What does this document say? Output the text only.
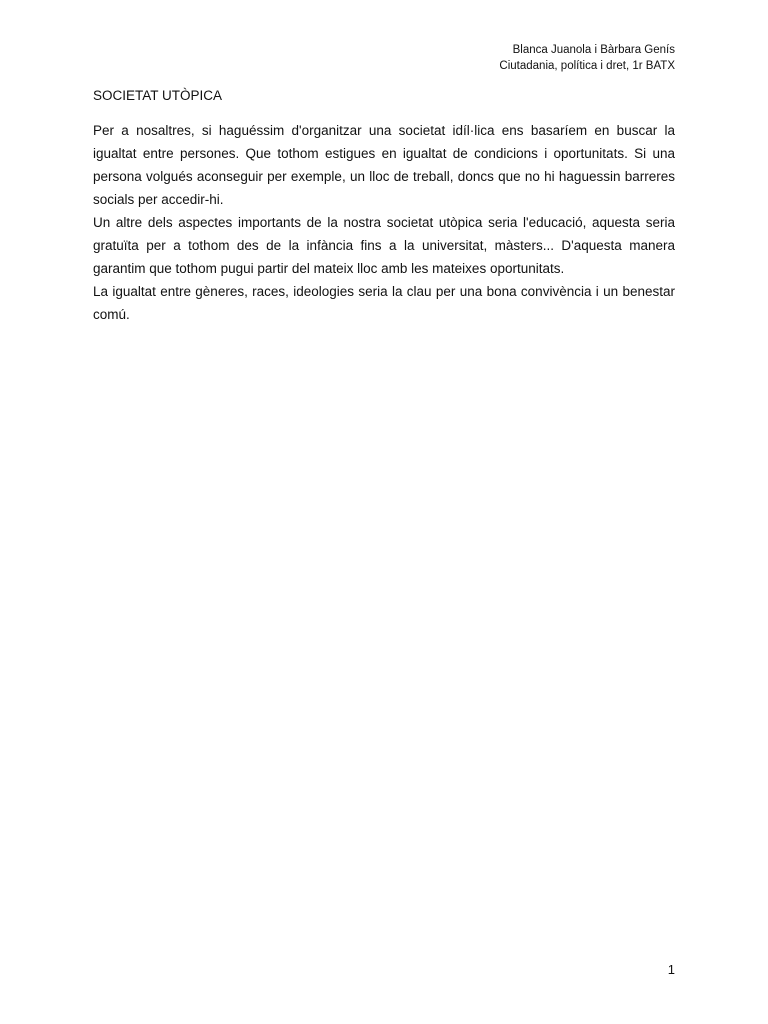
Blanca Juanola i Bàrbara Genís
Ciutadania, política i dret, 1r BATX
SOCIETAT UTÒPICA

Per a nosaltres, si haguéssim d'organitzar una societat idíl·lica ens basaríem en buscar la igualtat entre persones. Que tothom estigues en igualtat de condicions i oportunitats. Si una persona volgués aconseguir per exemple, un lloc de treball, doncs que no hi haguessin barreres socials per accedir-hi.

Un altre dels aspectes importants de la nostra societat utòpica seria l'educació, aquesta seria gratuïta per a tothom des de la infància fins a la universitat, màsters... D'aquesta manera garantim que tothom pugui partir del mateix lloc amb les mateixes oportunitats.

La igualtat entre gèneres, races, ideologies seria la clau per una bona convivència i un benestar comú.

1
